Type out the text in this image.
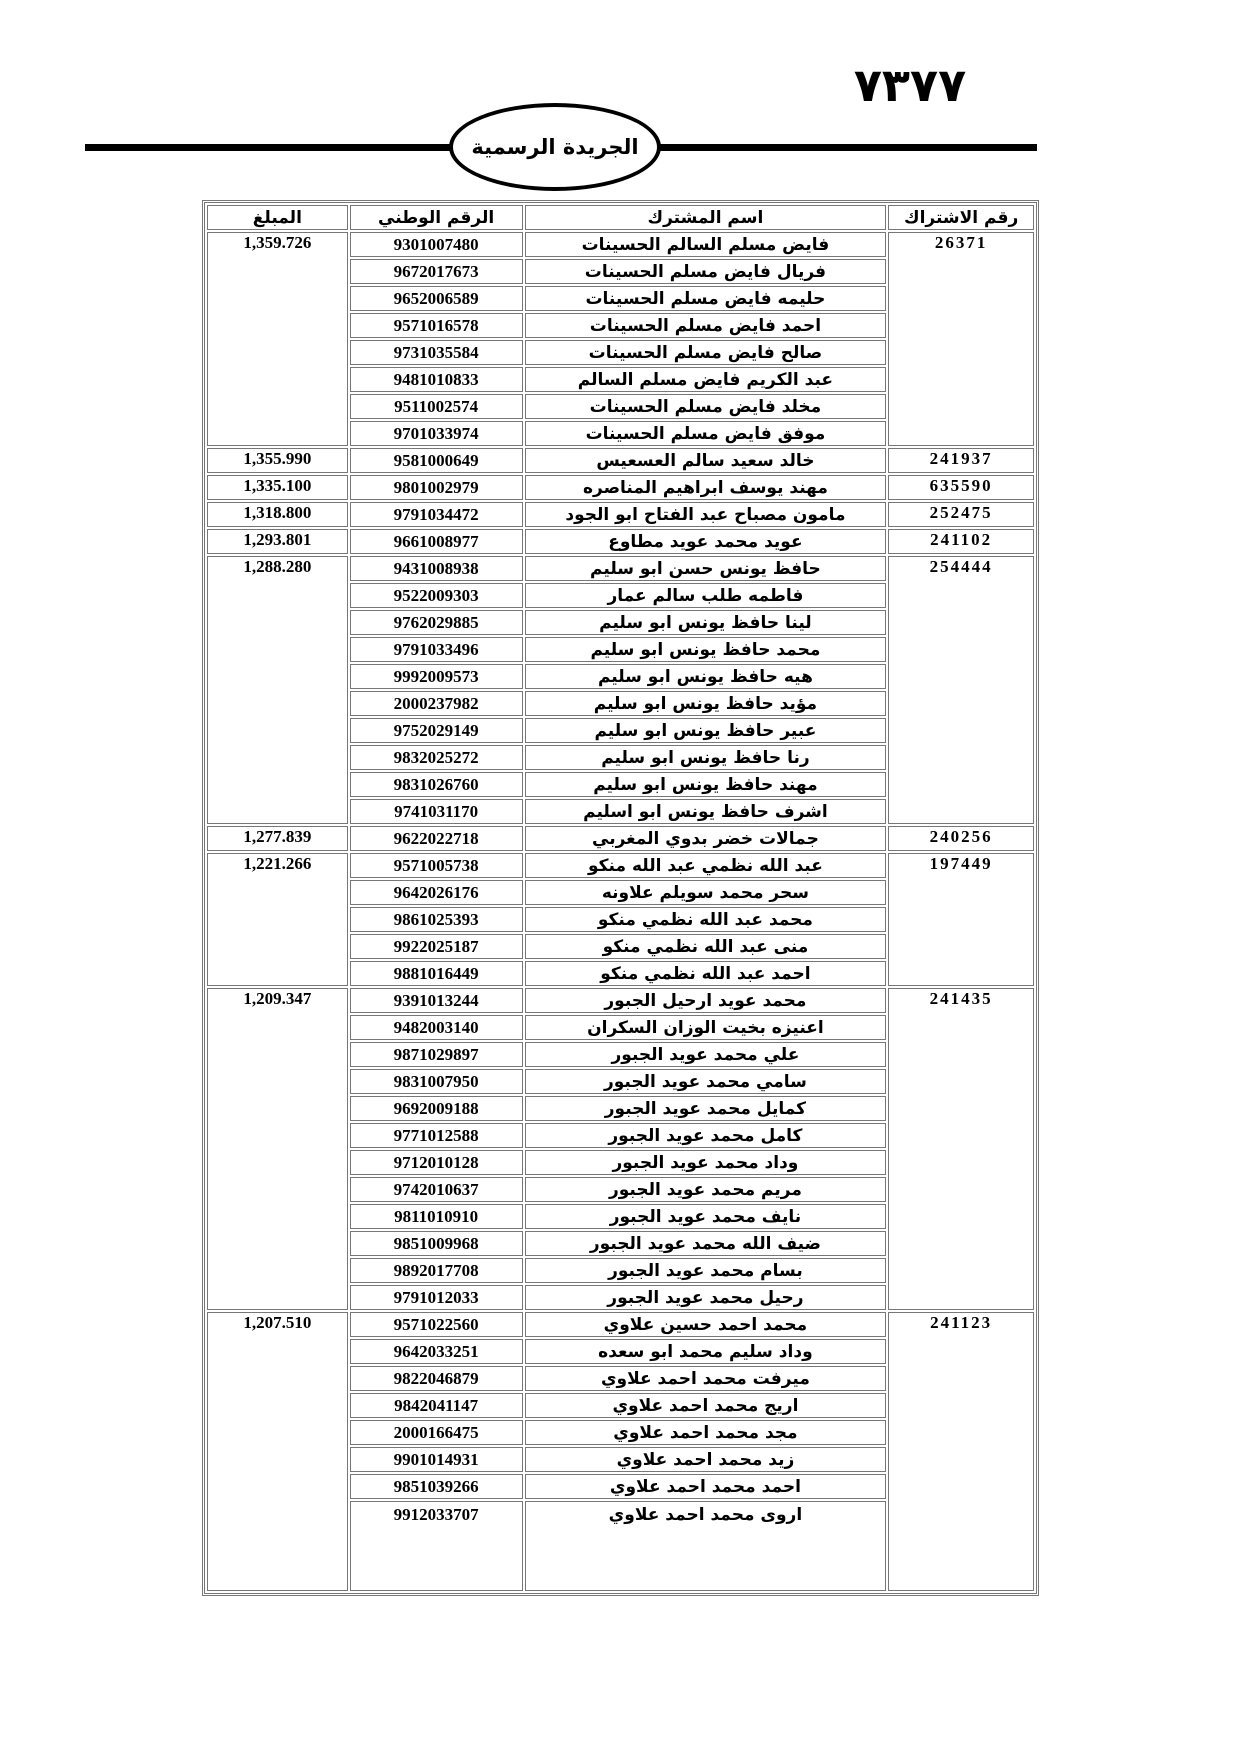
٧٣٧٧
الجريدة الرسمية
رقم الاشتراك	اسم المشترك	الرقم الوطني	المبلغ
26371	فايض مسلم السالم الحسينات	9301007480	1,359.726
	فريال فايض مسلم الحسينات	9672017673	
	حليمه فايض مسلم الحسينات	9652006589	
	احمد فايض مسلم الحسينات	9571016578	
	صالح فايض مسلم الحسينات	9731035584	
	عبد الكريم فايض مسلم السالم	9481010833	
	مخلد فايض مسلم الحسينات	9511002574	
	موفق فايض مسلم الحسينات	9701033974	
241937	خالد سعيد سالم العسعيس	9581000649	1,355.990
635590	مهند يوسف ابراهيم المناصره	9801002979	1,335.100
252475	مامون مصباح عبد الفتاح ابو الجود	9791034472	1,318.800
241102	عويد محمد عويد مطاوع	9661008977	1,293.801
254444	حافظ يونس حسن ابو سليم	9431008938	1,288.280
	فاطمه طلب سالم عمار	9522009303	
	لينا حافظ يونس ابو سليم	9762029885	
	محمد حافظ يونس ابو سليم	9791033496	
	هيه حافظ يونس ابو سليم	9992009573	
	مؤيد حافظ يونس ابو سليم	2000237982	
	عبير حافظ يونس ابو سليم	9752029149	
	رنا حافظ يونس ابو سليم	9832025272	
	مهند حافظ يونس ابو سليم	9831026760	
	اشرف حافظ يونس ابو اسليم	9741031170	
240256	جمالات خضر بدوي المغربي	9622022718	1,277.839
197449	عبد الله نظمي عبد الله منكو	9571005738	1,221.266
	سحر محمد سويلم علاونه	9642026176	
	محمد عبد الله نظمي منكو	9861025393	
	منى عبد الله نظمي منكو	9922025187	
	احمد عبد الله نظمي منكو	9881016449	
241435	محمد عويد ارحيل الجبور	9391013244	1,209.347
	اعنيزه بخيت الوزان السكران	9482003140	
	علي محمد عويد الجبور	9871029897	
	سامي محمد عويد الجبور	9831007950	
	كمايل محمد عويد الجبور	9692009188	
	كامل محمد عويد الجبور	9771012588	
	وداد محمد عويد الجبور	9712010128	
	مريم محمد عويد الجبور	9742010637	
	نايف محمد عويد الجبور	9811010910	
	ضيف الله محمد عويد الجبور	9851009968	
	بسام محمد عويد الجبور	9892017708	
	رحيل محمد عويد الجبور	9791012033	
241123	محمد احمد حسين علاوي	9571022560	1,207.510
	وداد سليم محمد ابو سعده	9642033251	
	ميرفت محمد احمد علاوي	9822046879	
	اريج محمد احمد علاوي	9842041147	
	مجد محمد احمد علاوي	2000166475	
	زيد محمد احمد علاوي	9901014931	
	احمد محمد احمد علاوي	9851039266	
	اروى محمد احمد علاوي	9912033707	
